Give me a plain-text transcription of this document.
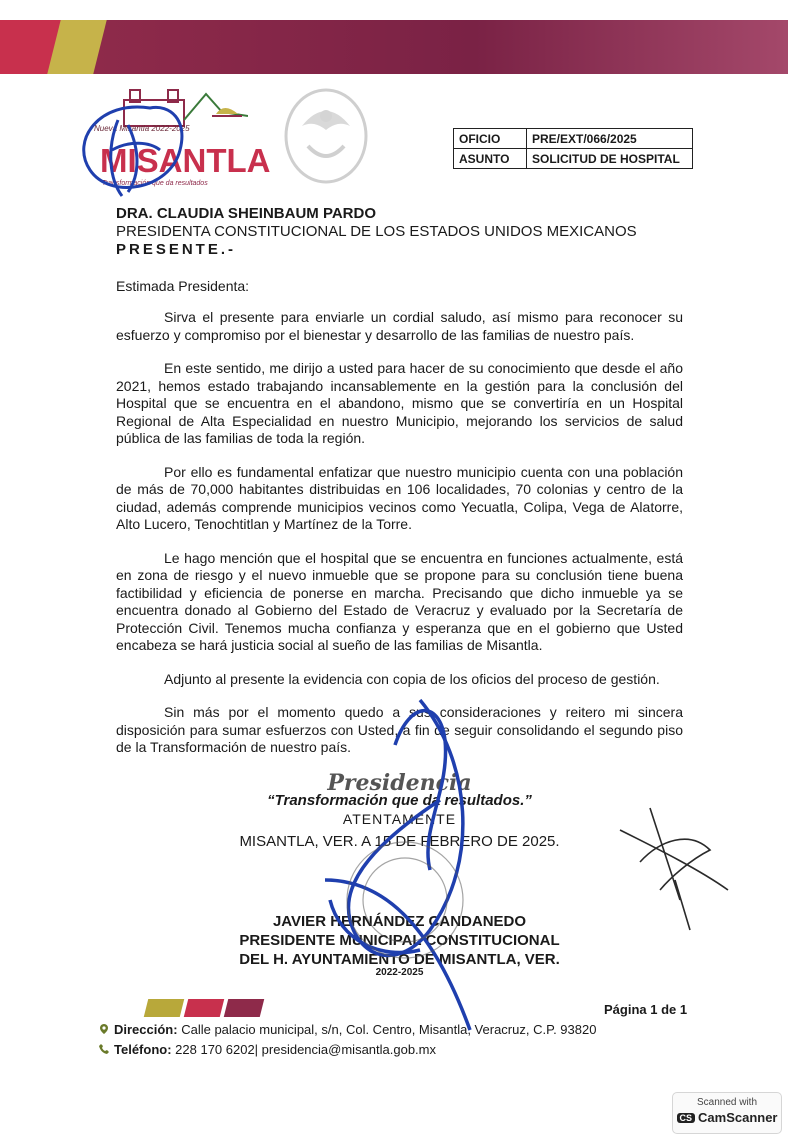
Nueva Misantla 2022-2025
MISANTLA
Transformación que da resultados
OFICIO	PRE/EXT/066/2025
ASUNTO	SOLICITUD DE HOSPITAL
DRA. CLAUDIA SHEINBAUM PARDO
PRESIDENTA CONSTITUCIONAL DE LOS ESTADOS UNIDOS MEXICANOS
PRESENTE.-
Estimada Presidenta:

Sirva el presente para enviarle un cordial saludo, así mismo para reconocer su esfuerzo y compromiso por el bienestar y desarrollo de las familias de nuestro país.

En este sentido, me dirijo a usted para hacer de su conocimiento que desde el año 2021, hemos estado trabajando incansablemente en la gestión para la conclusión del Hospital que se encuentra en el abandono, mismo que se convertiría en un Hospital Regional de Alta Especialidad en nuestro Municipio, mejorando los servicios de salud pública de las familias de toda la región.

Por ello es fundamental enfatizar que nuestro municipio cuenta con una población de más de 70,000 habitantes distribuidas en 106 localidades, 70 colonias y centro de la ciudad, además comprende municipios vecinos como Yecuatla, Colipa, Vega de Alatorre, Alto Lucero, Tenochtitlan y Martínez de la Torre.

Le hago mención que el hospital que se encuentra en funciones actualmente, está en zona de riesgo y el nuevo inmueble que se propone para su conclusión tiene buena factibilidad y eficiencia de ponerse en marcha. Precisando que dicho inmueble ya se encuentra donado al Gobierno del Estado de Veracruz y evaluado por la Secretaría de Protección Civil. Tenemos mucha confianza y esperanza que en el gobierno que Usted encabeza se hará justicia social al sueño de las familias de Misantla.

Adjunto al presente la evidencia con copia de los oficios del proceso de gestión.

Sin más por el momento quedo a sus consideraciones y reitero mi sincera disposición para sumar esfuerzos con Usted, a fin de seguir consolidando el segundo piso de la Transformación de nuestro país.

Presidencia
“Transformación que da resultados.”
ATENTAMENTE
MISANTLA, VER. A 15 DE FEBRERO DE 2025.
JAVIER HERNÁNDEZ CANDANEDO
PRESIDENTE MUNICIPAL CONSTITUCIONAL
DEL H. AYUNTAMIENTO DE MISANTLA, VER.
2022-2025
Página 1 de 1
Dirección: Calle palacio municipal, s/n, Col. Centro, Misantla, Veracruz, C.P. 93820
Teléfono: 228 170 6202| presidencia@misantla.gob.mx
Scanned with
CS CamScanner
